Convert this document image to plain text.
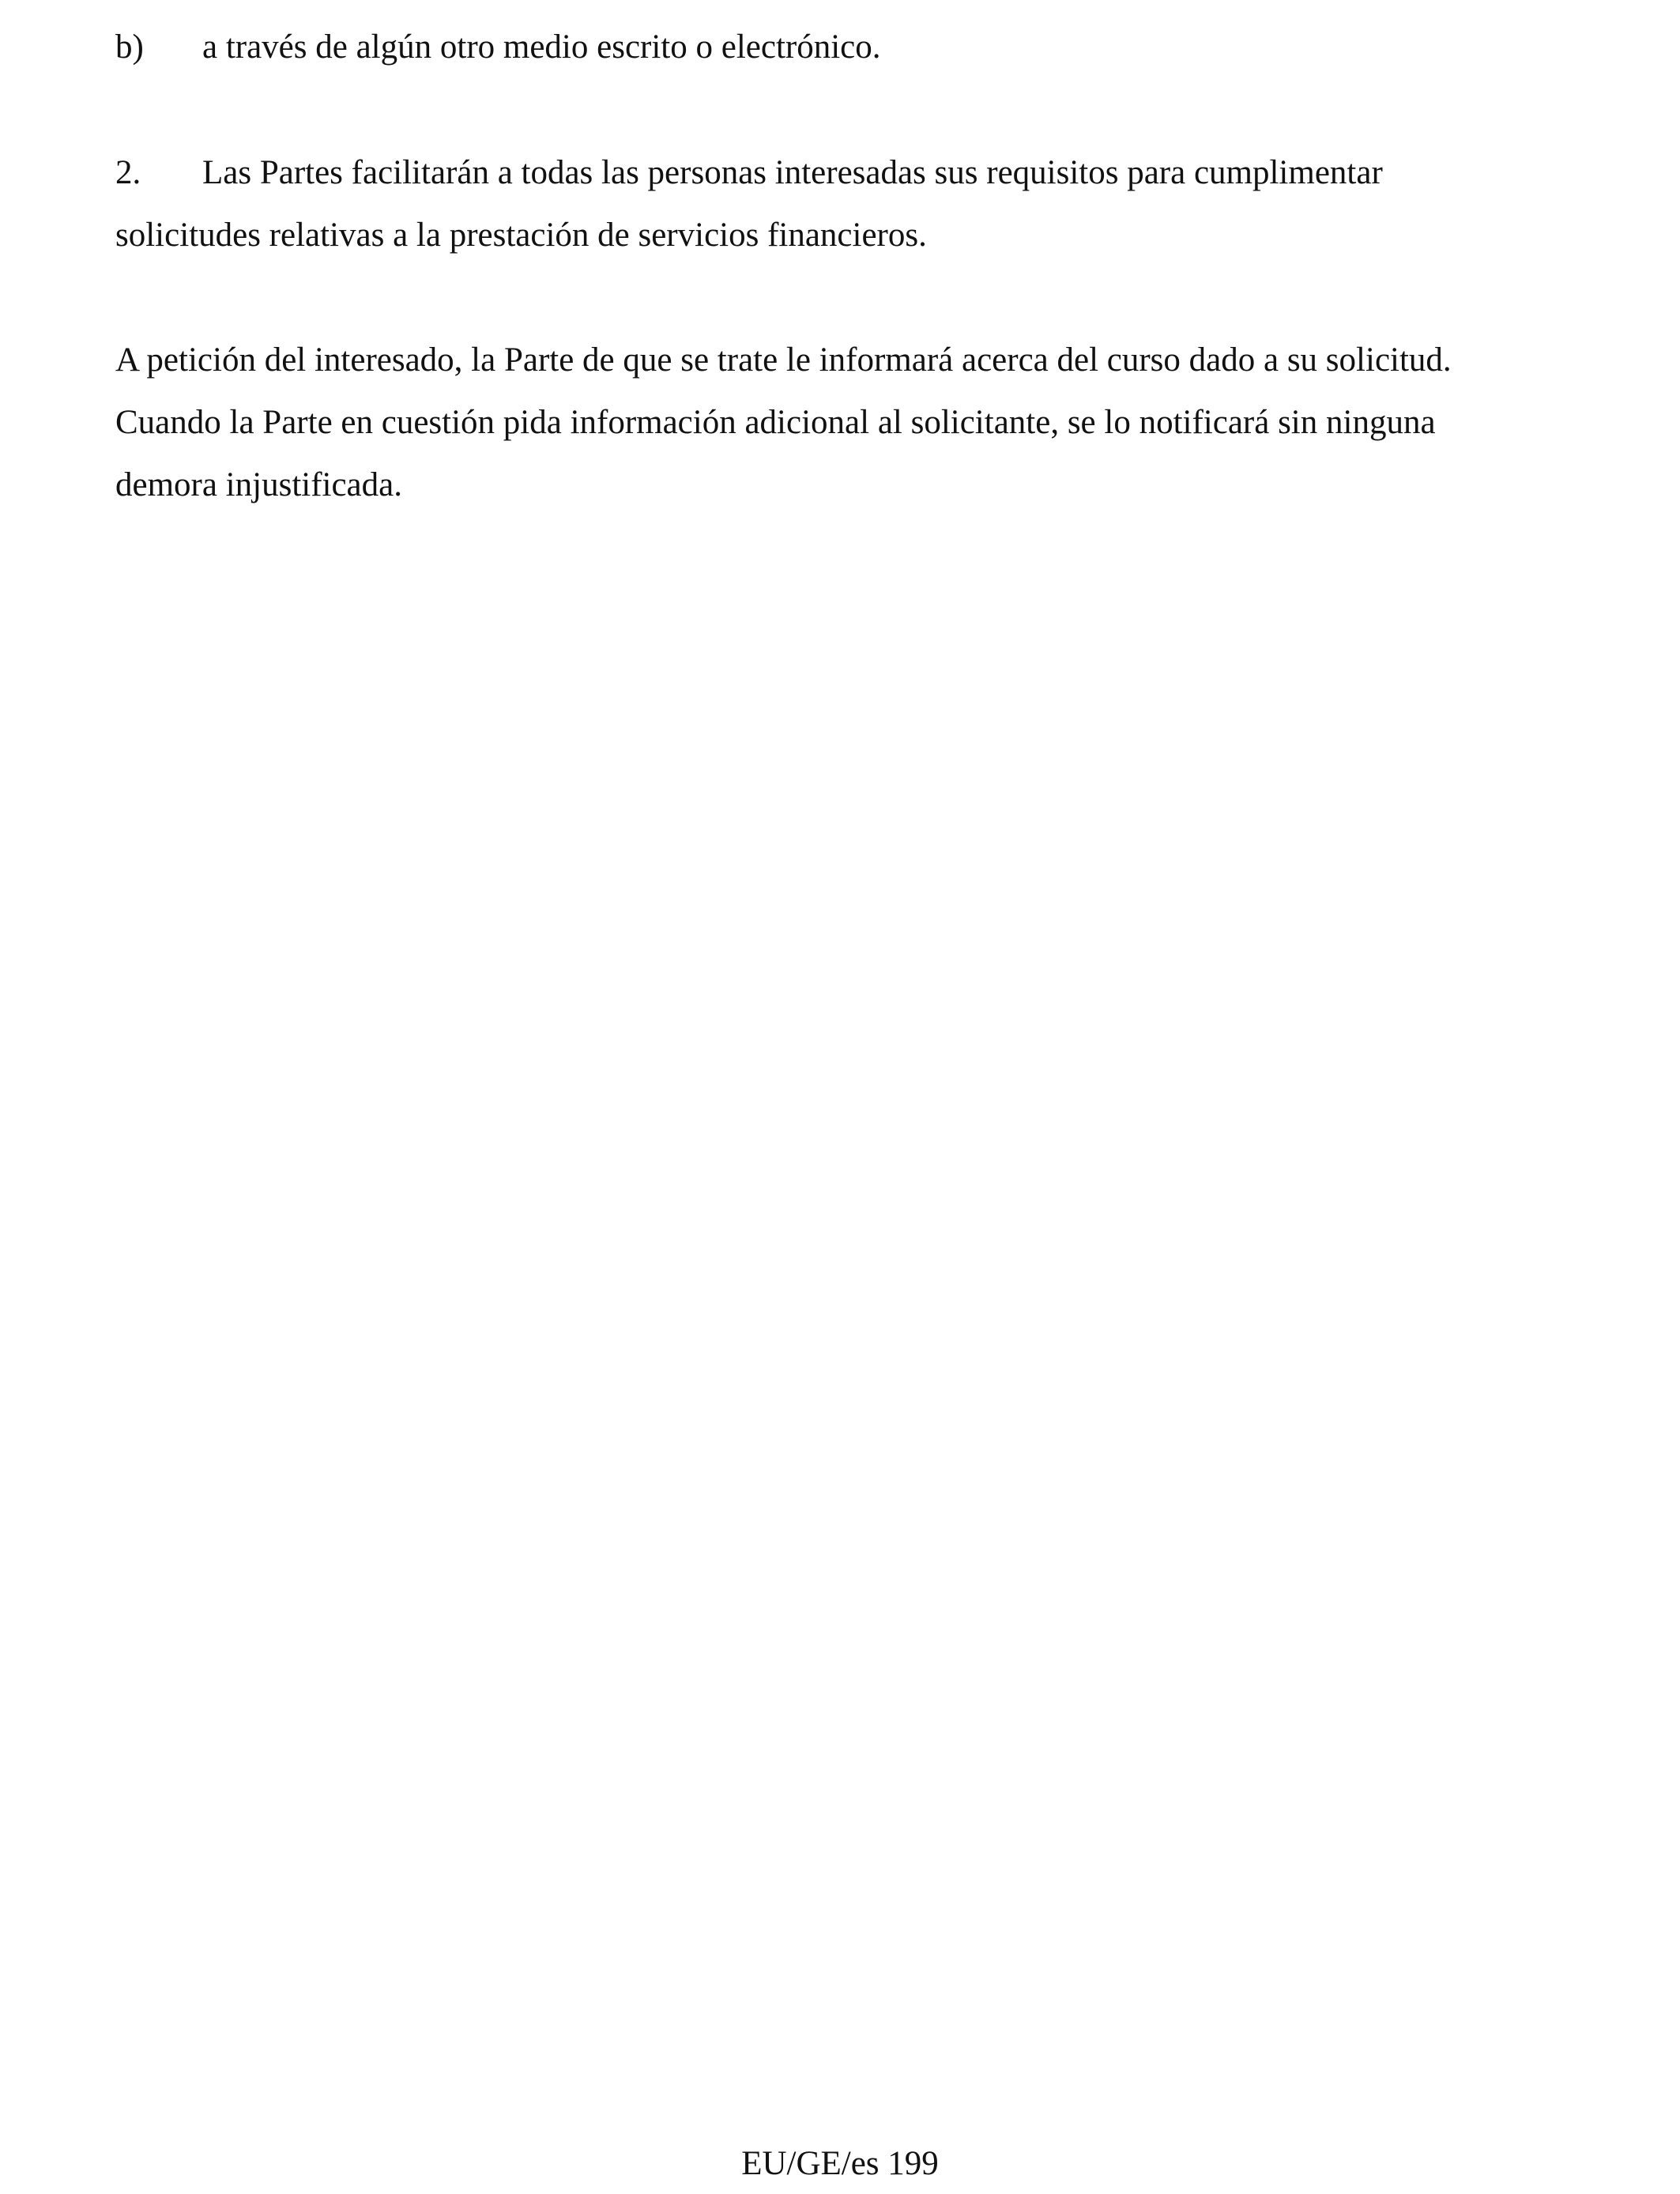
b) a través de algún otro medio escrito o electrónico.
2. Las Partes facilitarán a todas las personas interesadas sus requisitos para cumplimentar
solicitudes relativas a la prestación de servicios financieros.
A petición del interesado, la Parte de que se trate le informará acerca del curso dado a su solicitud.
Cuando la Parte en cuestión pida información adicional al solicitante, se lo notificará sin ninguna
demora injustificada.
EU/GE/es 199
